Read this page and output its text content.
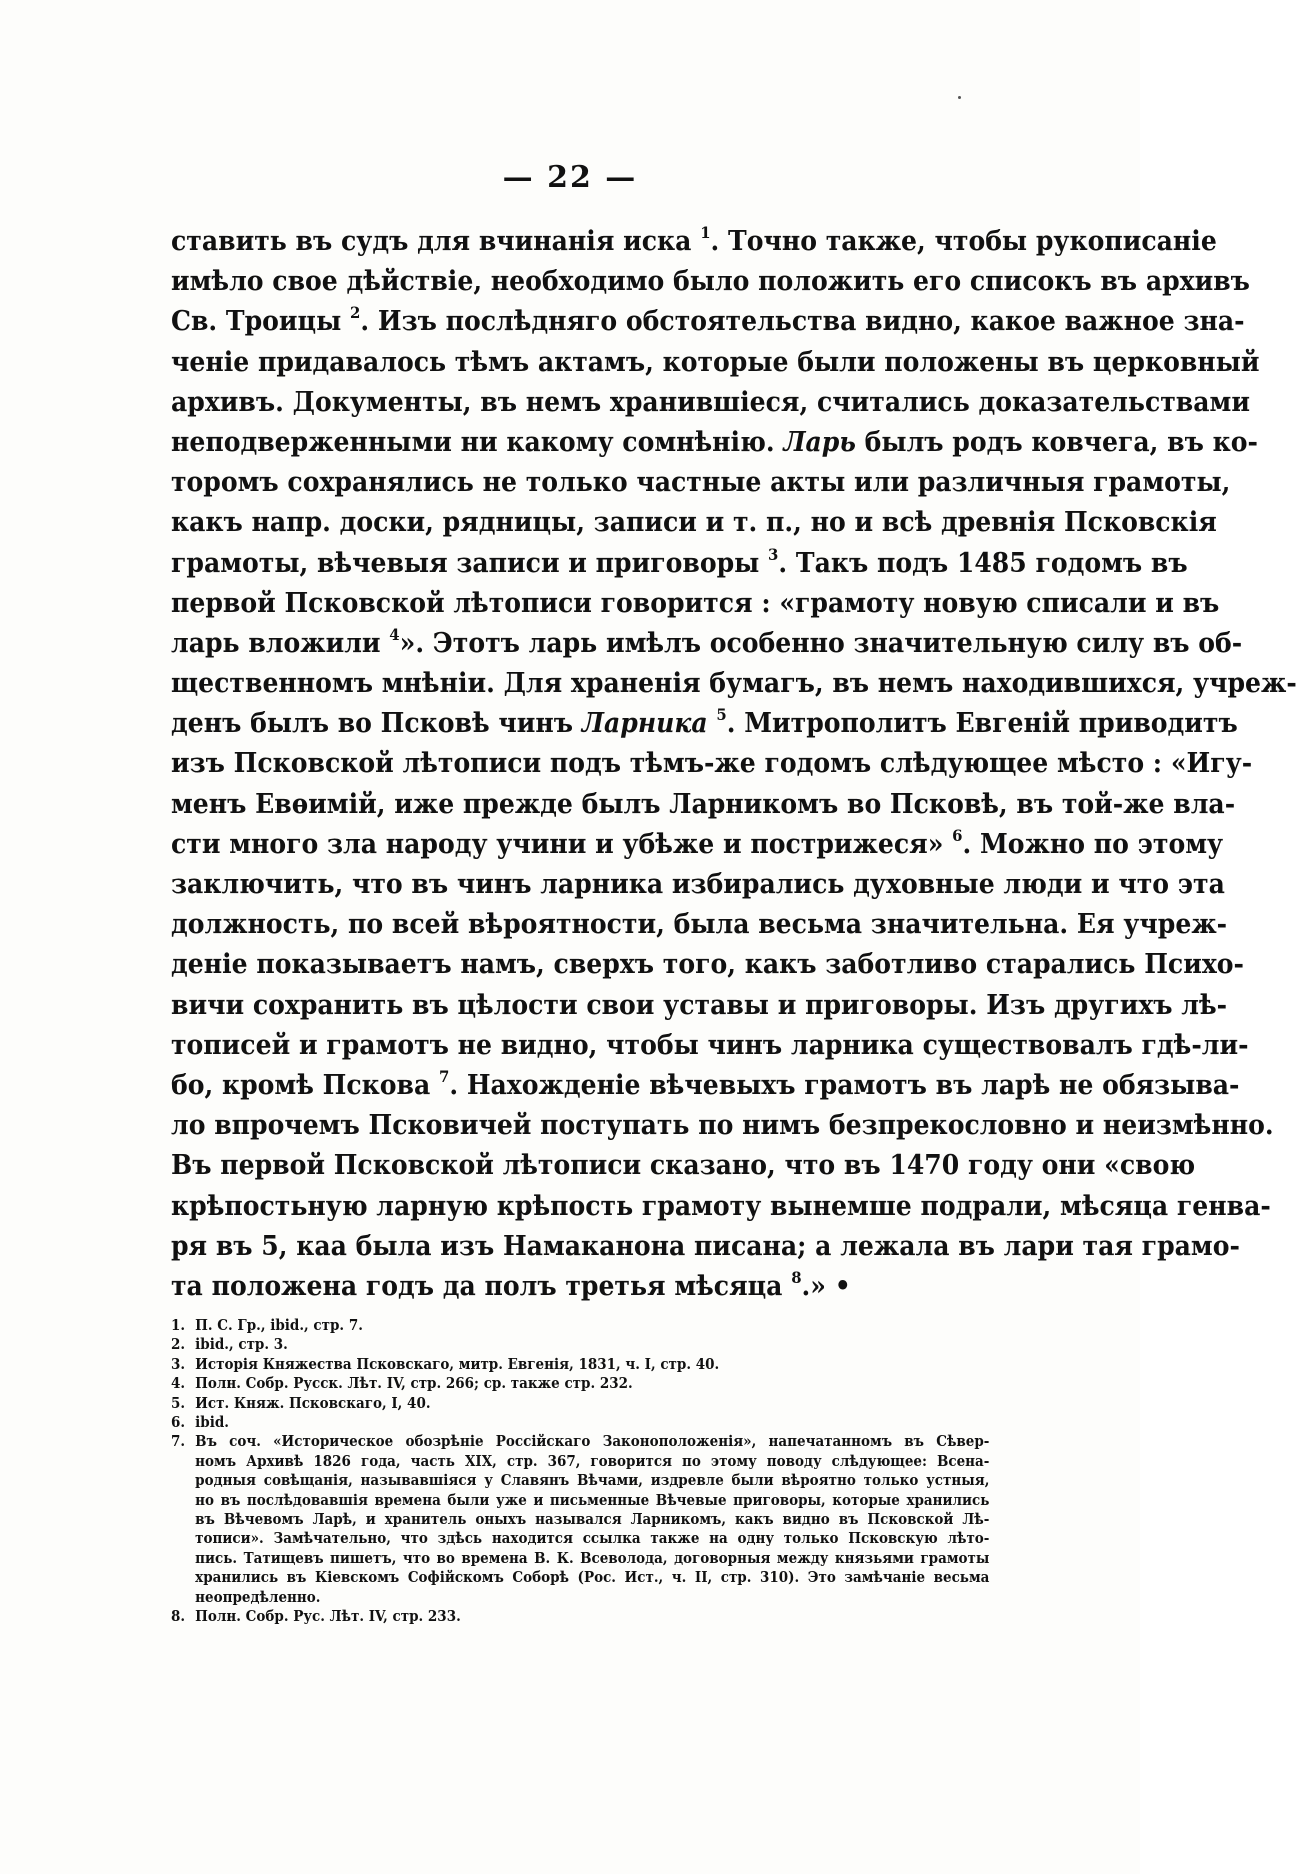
— 22 —
ставить въ судъ для вчинанія иска $^1$. Точно также, чтобы рукописаніе
имѣло свое дѣйствіе, необходимо было положить его списокъ въ архивъ
Св. Троицы $^2$. Изъ послѣдняго обстоятельства видно, какое важное зна-
ченіе придавалось тѣмъ актамъ, которые были положены въ церковный
архивъ. Документы, въ немъ хранившіеся, считались доказательствами
неподверженными ни какому сомнѣнію. Ларь былъ родъ ковчега, въ ко-
торомъ сохранялись не только частные акты или различныя грамоты,
какъ напр. доски, рядницы, записи и т. п., но и всѣ древнія Псковскія
грамоты, вѣчевыя записи и приговоры $^3$. Такъ подъ 1485 годомъ въ
первой Псковской лѣтописи говорится : «грамоту новую списали и въ
ларь вложили $^4$». Этотъ ларь имѣлъ особенно значительную силу въ об-
щественномъ мнѣніи. Для храненія бумагъ, въ немъ находившихся, учреж-
денъ былъ во Псковѣ чинъ Ларника $^5$. Митрополитъ Евгеній приводитъ
изъ Псковской лѣтописи подъ тѣмъ-же годомъ слѣдующее мѣсто : «Игу-
менъ Евѳимій, иже прежде былъ Ларникомъ во Псковѣ, въ той-же вла-
сти много зла народу учини и убѣже и пострижеся» $^6$. Можно по этому
заключить, что въ чинъ ларника избирались духовные люди и что эта
должность, по всей вѣроятности, была весьма значительна. Ея учреж-
деніе показываетъ намъ, сверхъ того, какъ заботливо старались Психо-
вичи сохранить въ цѣлости свои уставы и приговоры. Изъ другихъ лѣ-
тописей и грамотъ не видно, чтобы чинъ ларника существовалъ гдѣ-ли-
бо, кромѣ Пскова $^7$. Нахожденіе вѣчевыхъ грамотъ въ ларѣ не обязыва-
ло впрочемъ Псковичей поступать по нимъ безпрекословно и неизмѣнно.
Въ первой Псковской лѣтописи сказано, что въ 1470 году они «свою
крѣпостьную ларную крѣпость грамоту вынемше подрали, мѣсяца генва-
ря въ 5, каа была изъ Намаканона писана; а лежала въ лари тая грамо-
та положена годъ да полъ третья мѣсяца $^8$.» •
1. П. С. Гр., ibid., стр. 7.
2. ibid., стр. 3.
3. Исторія Княжества Псковскаго, митр. Евгенія, 1831, ч. I, стр. 40.
4. Полн. Собр. Русск. Лѣт. IV, стр. 266; ср. также стр. 232.
5. Ист. Княж. Псковскаго, I, 40.
6. ibid.
7. Въ соч. «Историческое обозрѣніе Россійскаго Законоположенія», напечатанномъ въ Сѣвер-
номъ Архивѣ 1826 года, часть XIX, стр. 367, говорится по этому поводу слѣдующее: Всена-
родныя совѣщанія, называвшіяся у Славянъ Вѣчами, издревле были вѣроятно только устныя,
но въ послѣдовавшія времена были уже и письменные Вѣчевые приговоры, которые хранились
въ Вѣчевомъ Ларѣ, и хранитель оныхъ назывался Ларникомъ, какъ видно въ Псковской Лѣ-
тописи». Замѣчательно, что здѣсь находится ссылка также на одну только Псковскую лѣто-
пись. Татищевъ пишетъ, что во времена В. К. Всеволода, договорныя между князьями грамоты
хранились въ Кіевскомъ Софійскомъ Соборѣ (Рос. Ист., ч. II, стр. 310). Это замѣчаніе весьма
неопредѣленно.
8. Полн. Собр. Рус. Лѣт. IV, стр. 233.
